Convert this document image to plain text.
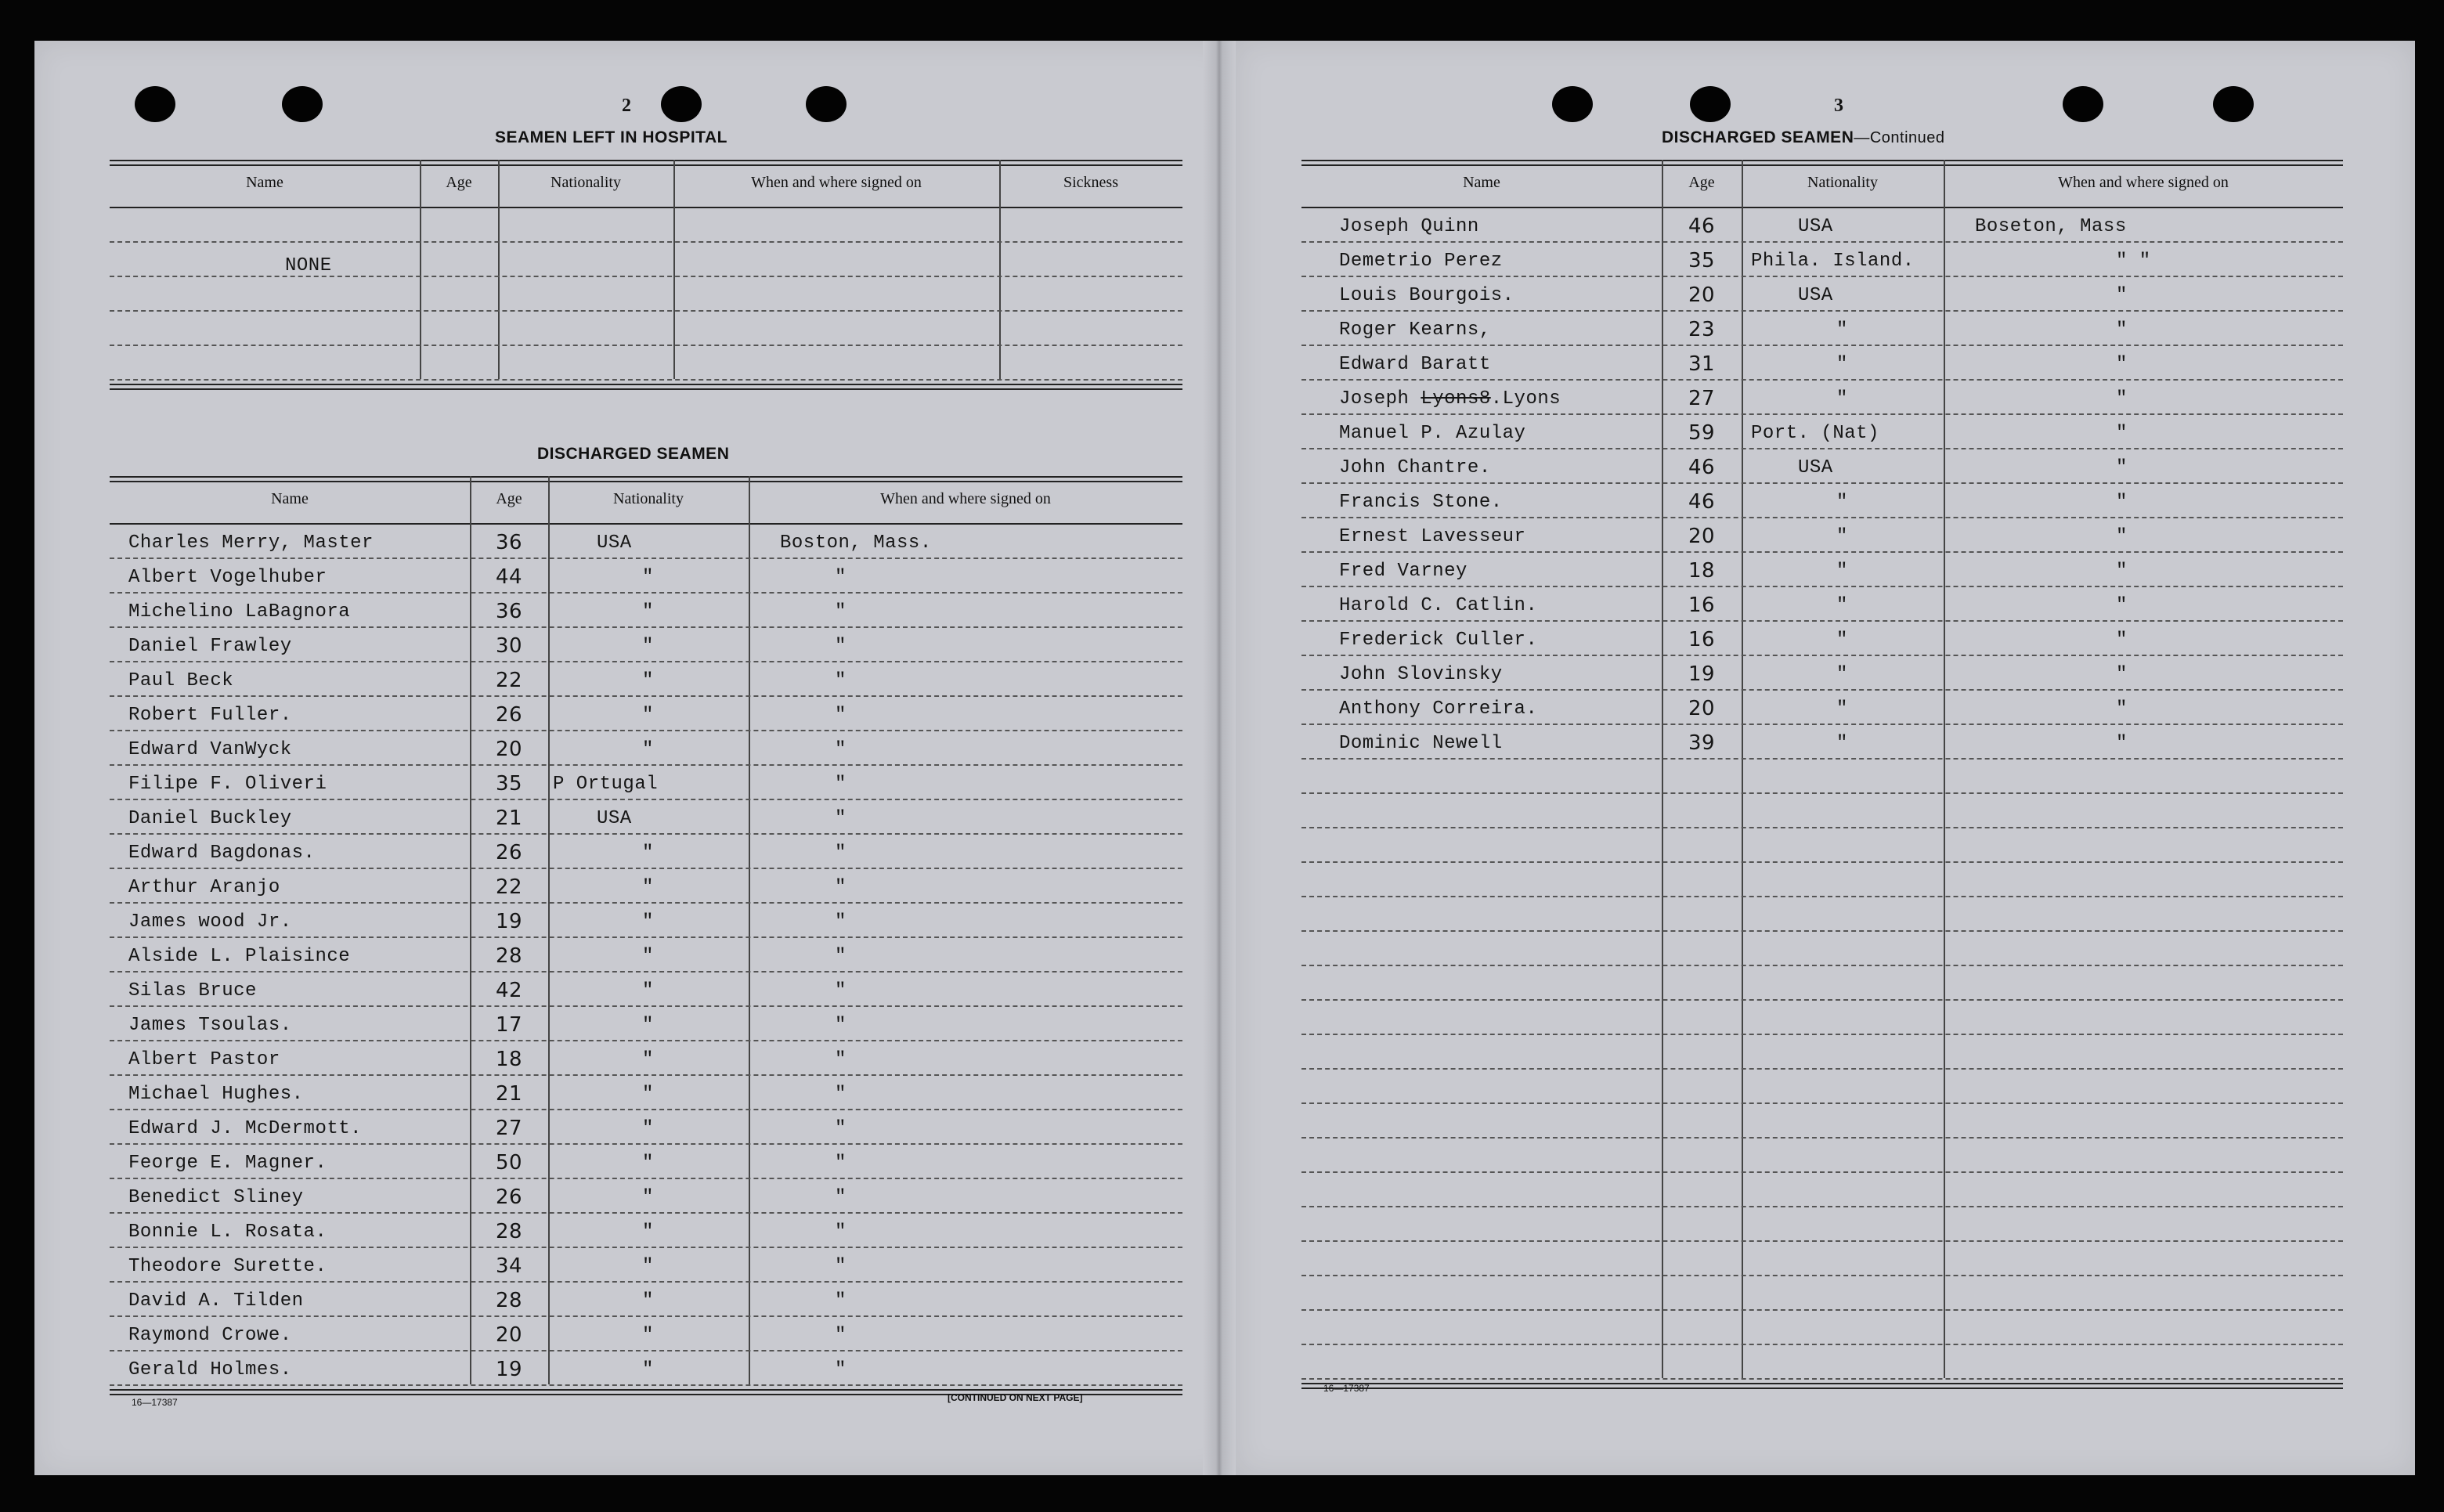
2
SEAMEN LEFT IN HOSPITAL
Name	Age	Nationality	When and where signed on	Sickness
NONE
DISCHARGED SEAMEN
Name	Age	Nationality	When and where signed on
Charles Merry, Master	36	USA	Boston, Mass.
Albert Vogelhuber	44	"	"
Michelino LaBagnora	36	"	"
Daniel Frawley	30	"	"
Paul Beck	22	"	"
Robert Fuller.	26	"	"
Edward VanWyck	20	"	"
Filipe F. Oliveri	35	P Ortugal	"
Daniel Buckley	21	USA	"
Edward Bagdonas.	26	"	"
Arthur Aranjo	22	"	"
James wood Jr.	19	"	"
Alside L. Plaisince	28	"	"
Silas Bruce	42	"	"
James Tsoulas.	17	"	"
Albert Pastor	18	"	"
Michael Hughes.	21	"	"
Edward J. McDermott.	27	"	"
Feorge E. Magner.	50	"	"
Benedict Sliney	26	"	"
Bonnie L. Rosata.	28	"	"
Theodore Surette.	34	"	"
David A. Tilden	28	"	"
Raymond Crowe.	20	"	"
Gerald Holmes.	19	"	"
16—17387	[CONTINUED ON NEXT PAGE]
3
DISCHARGED SEAMEN—Continued
Name	Age	Nationality	When and where signed on
Joseph Quinn	46	USA	Boseton, Mass
Demetrio Perez	35	Phila. Island.	" "
Louis Bourgois.	20	USA	"
Roger Kearns,	23	"	"
Edward Baratt	31	"	"
Joseph Lyons8.Lyons	27	"	"
Manuel P. Azulay	59	Port. (Nat)	"
John Chantre.	46	USA	"
Francis Stone.	46	"	"
Ernest Lavesseur	20	"	"
Fred Varney	18	"	"
Harold C. Catlin.	16	"	"
Frederick Culler.	16	"	"
John Slovinsky	19	"	"
Anthony Correira.	20	"	"
Dominic Newell	39	"	"
16—17387
